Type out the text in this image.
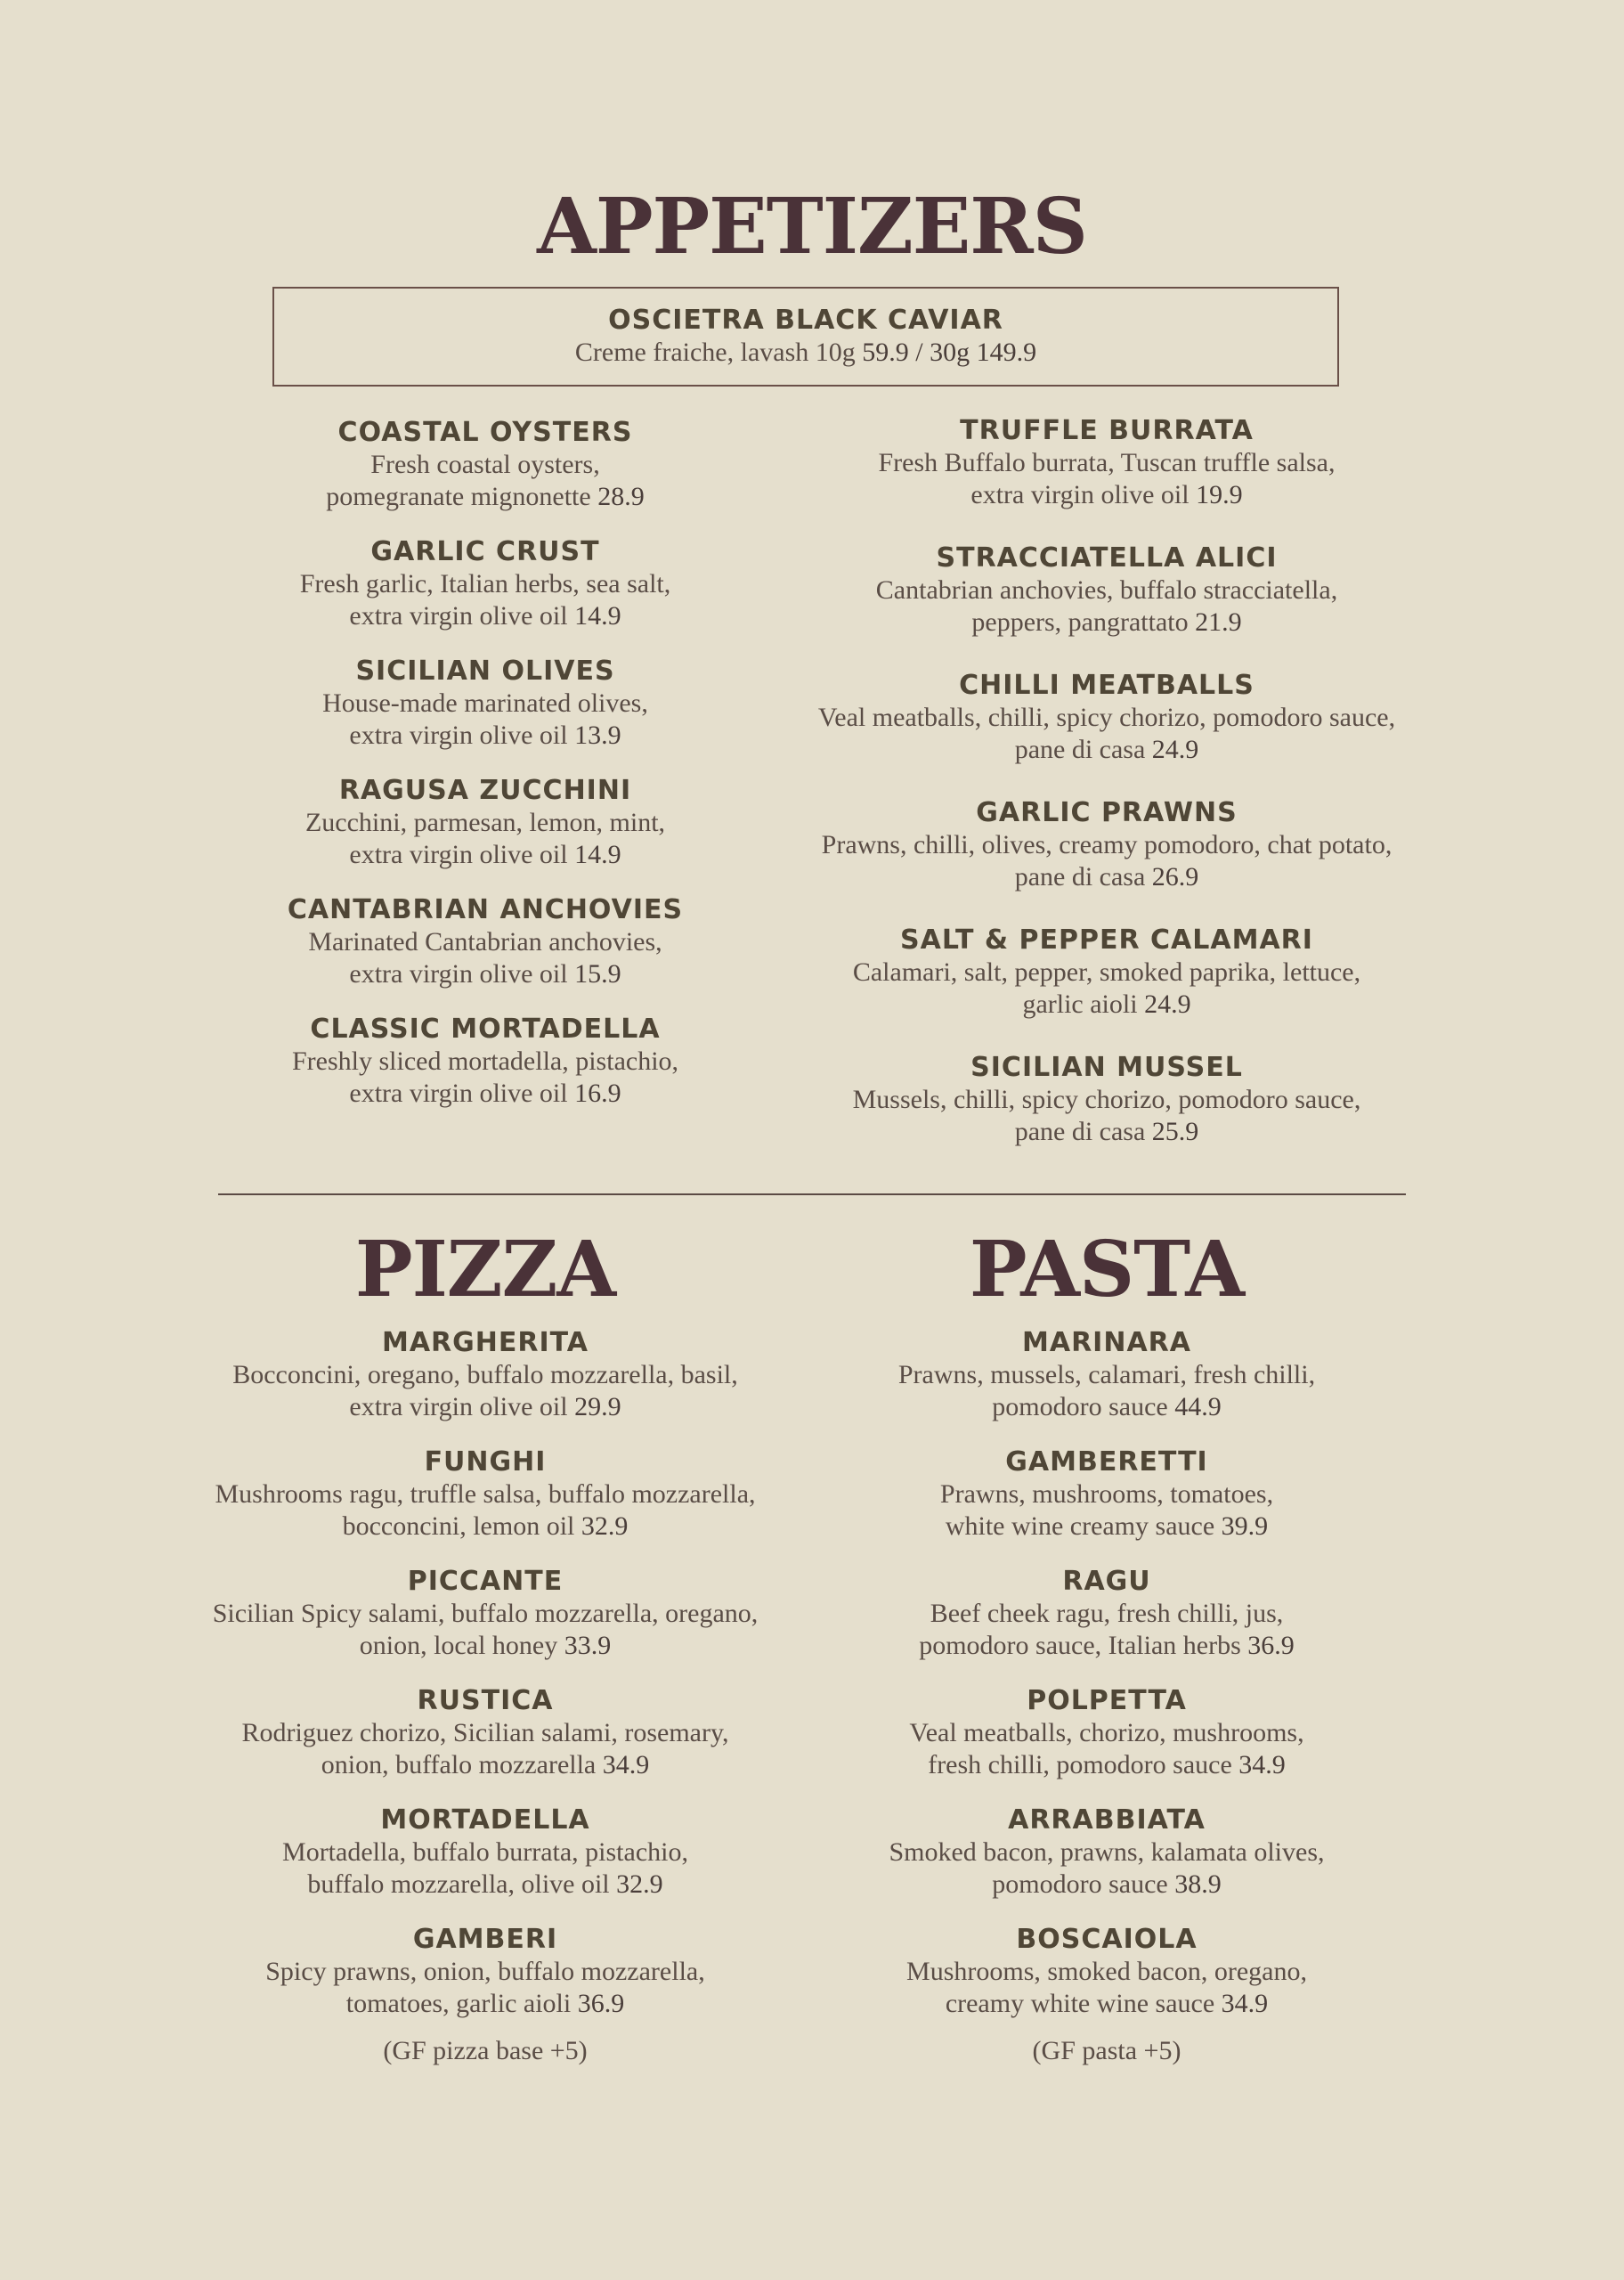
APPETIZERS

OSCIETRA BLACK CAVIAR

Creme fraiche, lavash 10g 59.9 / 30g 149.9

COASTAL OYSTERS

Fresh coastal oysters,

pomegranate mignonette 28.9

GARLIC CRUST

Fresh garlic, Italian herbs, sea salt,

extra virgin olive oil 14.9

SICILIAN OLIVES

House-made marinated olives,

extra virgin olive oil 13.9

RAGUSA ZUCCHINI

Zucchini, parmesan, lemon, mint,

extra virgin olive oil 14.9

CANTABRIAN ANCHOVIES

Marinated Cantabrian anchovies,

extra virgin olive oil 15.9

CLASSIC MORTADELLA

Freshly sliced mortadella, pistachio,

extra virgin olive oil 16.9

TRUFFLE BURRATA

Fresh Buffalo burrata, Tuscan truffle salsa,

extra virgin olive oil 19.9

STRACCIATELLA ALICI

Cantabrian anchovies, buffalo stracciatella,

peppers, pangrattato 21.9

CHILLI MEATBALLS

Veal meatballs, chilli, spicy chorizo, pomodoro sauce,

pane di casa 24.9

GARLIC PRAWNS

Prawns, chilli, olives, creamy pomodoro, chat potato,

pane di casa 26.9

SALT & PEPPER CALAMARI

Calamari, salt, pepper, smoked paprika, lettuce,

garlic aioli 24.9

SICILIAN MUSSEL

Mussels, chilli, spicy chorizo, pomodoro sauce,

pane di casa 25.9

PIZZA

MARGHERITA

Bocconcini, oregano, buffalo mozzarella, basil,

extra virgin olive oil 29.9

FUNGHI

Mushrooms ragu, truffle salsa, buffalo mozzarella,

bocconcini, lemon oil 32.9

PICCANTE

Sicilian Spicy salami, buffalo mozzarella, oregano,

onion, local honey 33.9

RUSTICA

Rodriguez chorizo, Sicilian salami, rosemary,

onion, buffalo mozzarella 34.9

MORTADELLA

Mortadella, buffalo burrata, pistachio,

buffalo mozzarella, olive oil 32.9

GAMBERI

Spicy prawns, onion, buffalo mozzarella,

tomatoes, garlic aioli 36.9

(GF pizza base +5)

PASTA

MARINARA

Prawns, mussels, calamari, fresh chilli,

pomodoro sauce 44.9

GAMBERETTI

Prawns, mushrooms, tomatoes,

white wine creamy sauce 39.9

RAGU

Beef cheek ragu, fresh chilli, jus,

pomodoro sauce, Italian herbs 36.9

POLPETTA

Veal meatballs, chorizo, mushrooms,

fresh chilli, pomodoro sauce 34.9

ARRABBIATA

Smoked bacon, prawns, kalamata olives,

pomodoro sauce 38.9

BOSCAIOLA

Mushrooms, smoked bacon, oregano,

creamy white wine sauce 34.9

(GF pasta +5)
